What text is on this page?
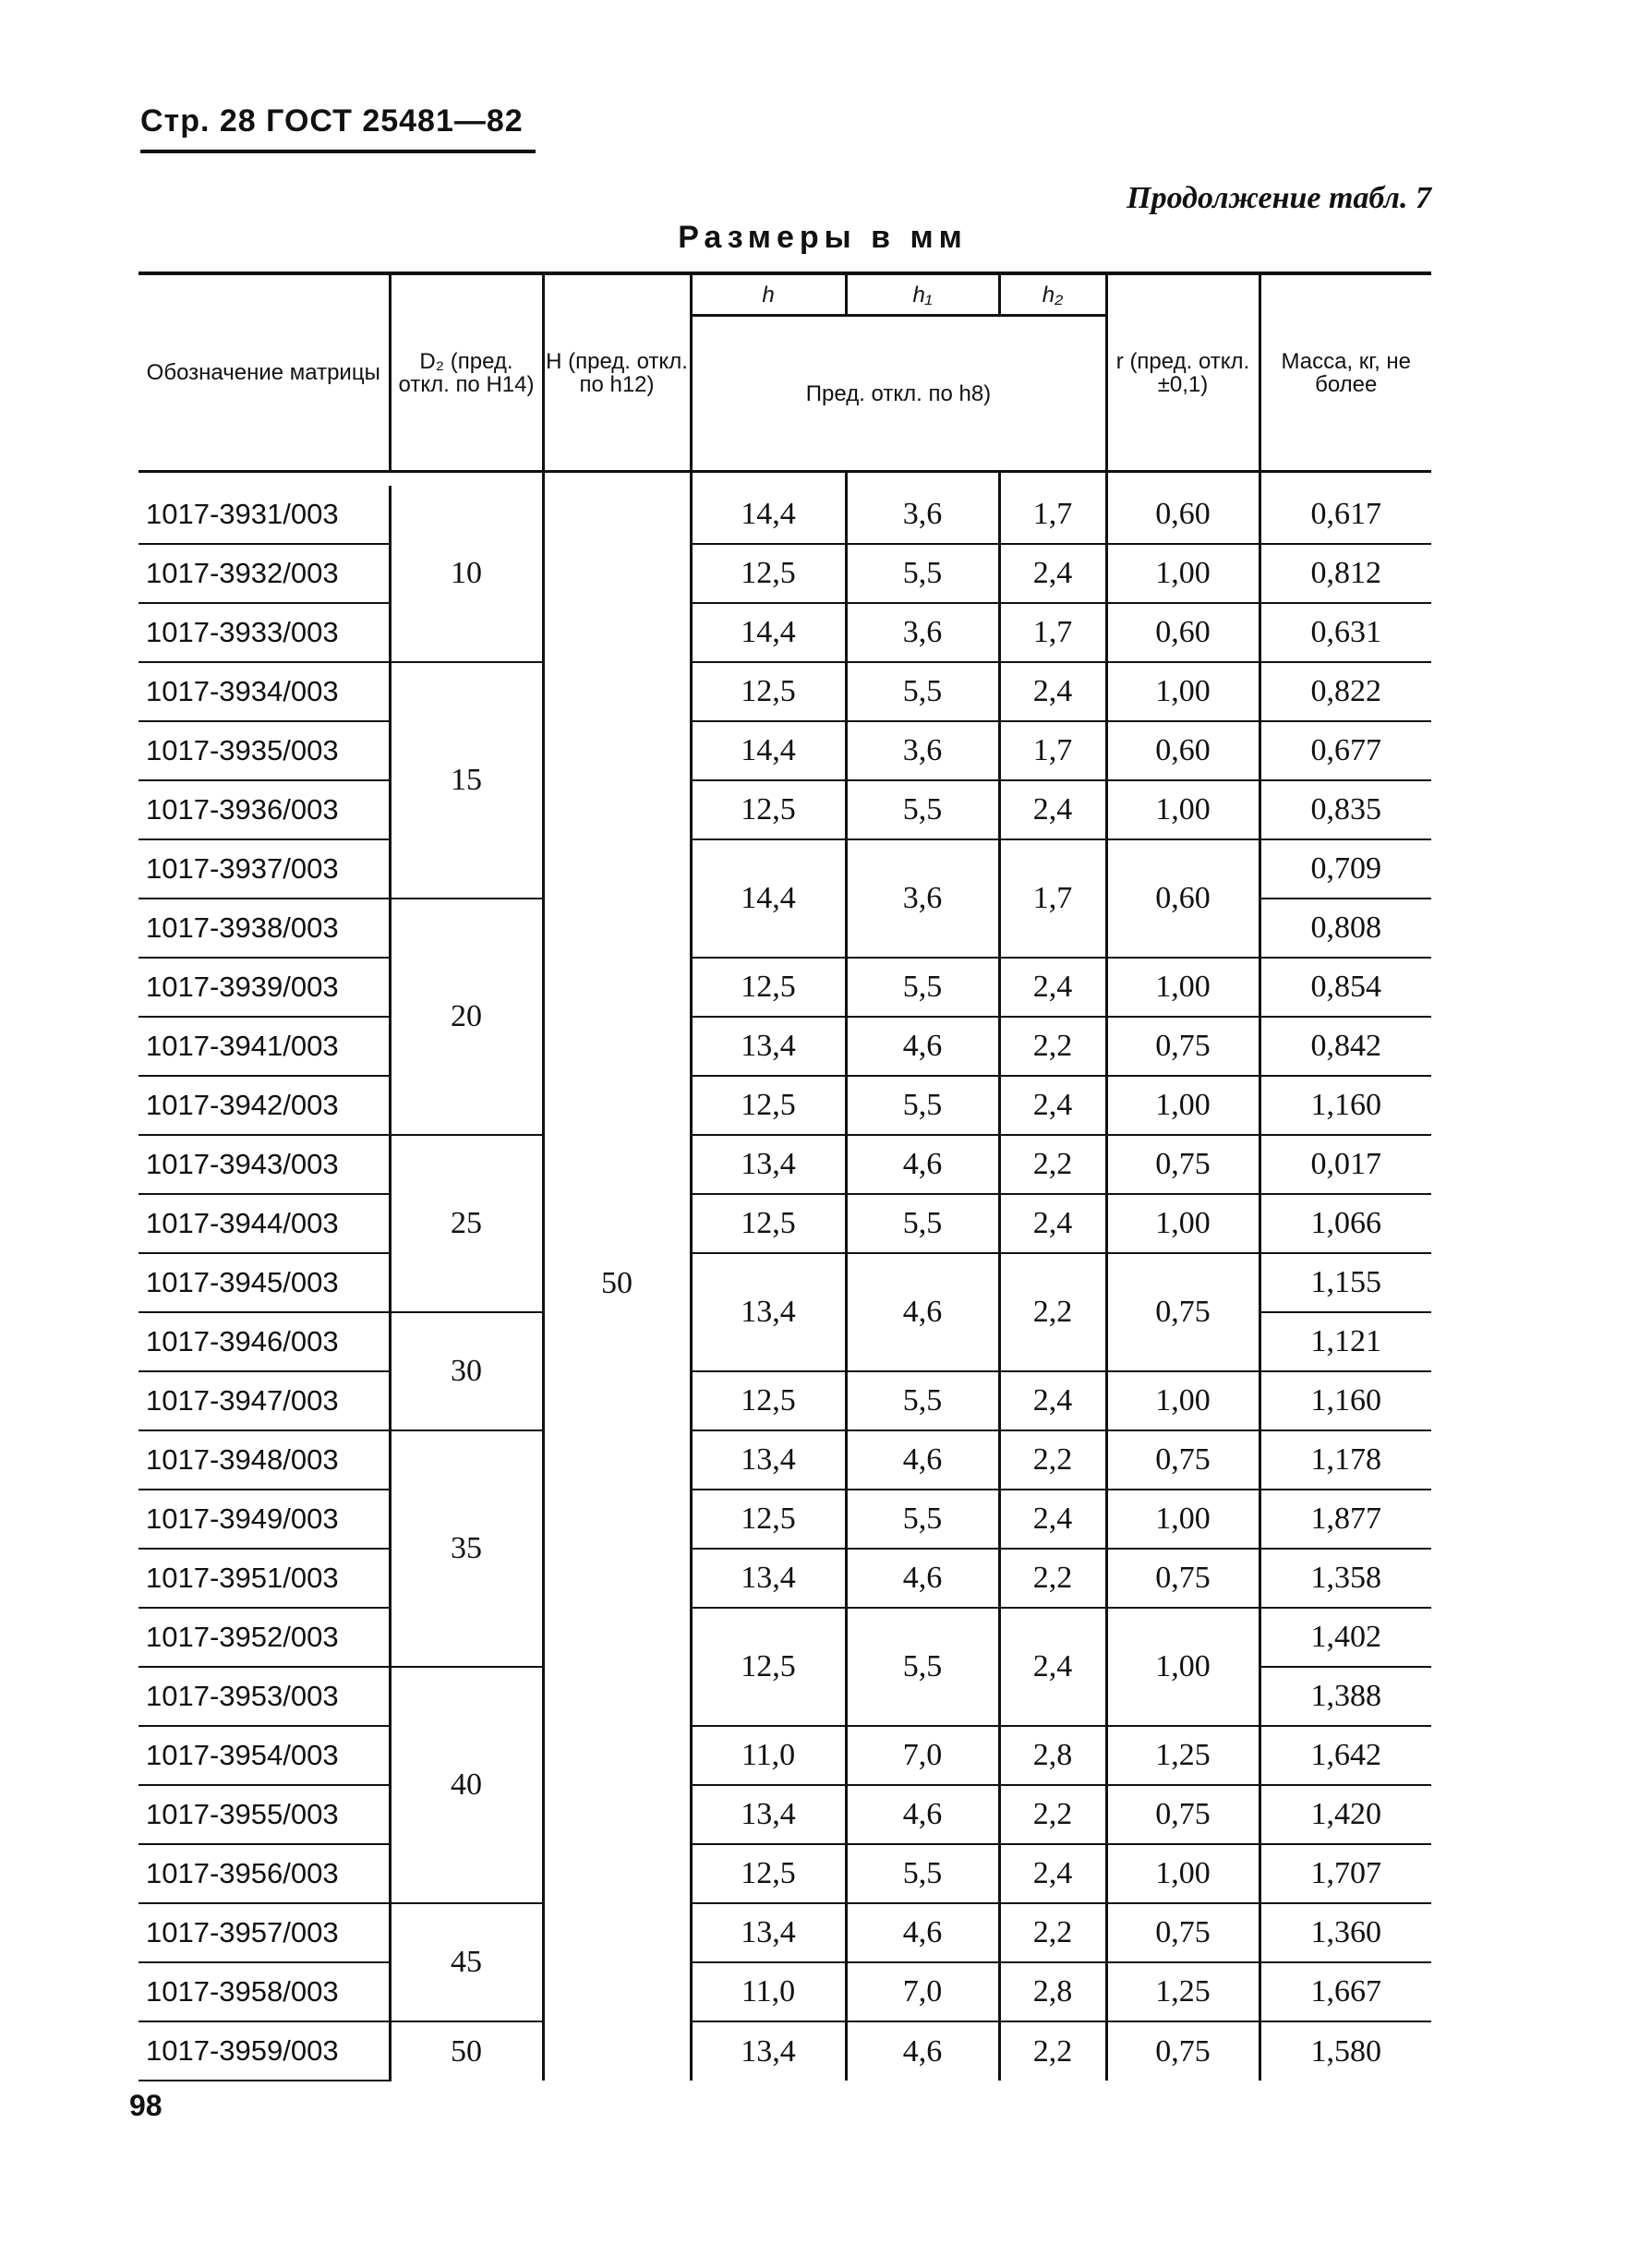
Стр. 28 ГОСТ 25481—82
Продолжение табл. 7
Размеры в мм
Обозначение матрицы	D₂ (пред. откл. по H14)	H (пред. откл. по h12)	h	h₁	h₂	r (пред. откл. ±0,1)	Масса, кг, не более
			Пред. откл. по h8)				

1017-3931/003	10	50	14,4	3,6	1,7	0,60	0,617
1017-3932/003			12,5	5,5	2,4	1,00	0,812
1017-3933/003			14,4	3,6	1,7	0,60	0,631
1017-3934/003	15		12,5	5,5	2,4	1,00	0,822
1017-3935/003			14,4	3,6	1,7	0,60	0,677
1017-3936/003			12,5	5,5	2,4	1,00	0,835
1017-3937/003			14,4	3,6	1,7	0,60	0,709
1017-3938/003	20						0,808
1017-3939/003			12,5	5,5	2,4	1,00	0,854
1017-3941/003			13,4	4,6	2,2	0,75	0,842
1017-3942/003			12,5	5,5	2,4	1,00	1,160
1017-3943/003	25		13,4	4,6	2,2	0,75	0,017
1017-3944/003			12,5	5,5	2,4	1,00	1,066
1017-3945/003			13,4	4,6	2,2	0,75	1,155
1017-3946/003	30						1,121
1017-3947/003			12,5	5,5	2,4	1,00	1,160
1017-3948/003	35		13,4	4,6	2,2	0,75	1,178
1017-3949/003			12,5	5,5	2,4	1,00	1,877
1017-3951/003			13,4	4,6	2,2	0,75	1,358
1017-3952/003			12,5	5,5	2,4	1,00	1,402
1017-3953/003	40						1,388
1017-3954/003			11,0	7,0	2,8	1,25	1,642
1017-3955/003			13,4	4,6	2,2	0,75	1,420
1017-3956/003			12,5	5,5	2,4	1,00	1,707
1017-3957/003	45		13,4	4,6	2,2	0,75	1,360
1017-3958/003			11,0	7,0	2,8	1,25	1,667
1017-3959/003	50		13,4	4,6	2,2	0,75	1,580
98
